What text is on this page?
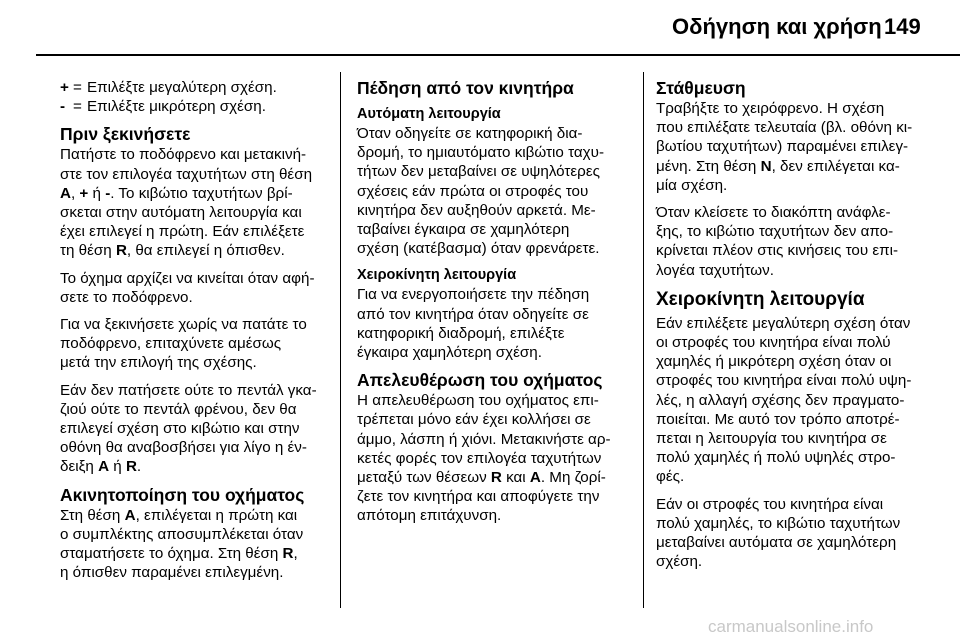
Οδήγηση και χρήση 149
+ = Επιλέξτε μεγαλύτερη σχέση.
- = Επιλέξτε μικρότερη σχέση.
Πριν ξεκινήσετε

Πατήστε το ποδόφρενο και μετακινή-
στε τον επιλογέα ταχυτήτων στη θέση
A, + ή -. Το κιβώτιο ταχυτήτων βρί-
σκεται στην αυτόματη λειτουργία και
έχει επιλεγεί η πρώτη. Εάν επιλέξετε
τη θέση R, θα επιλεγεί η όπισθεν.

Το όχημα αρχίζει να κινείται όταν αφή-
σετε το ποδόφρενο.

Για να ξεκινήσετε χωρίς να πατάτε το
ποδόφρενο, επιταχύνετε αμέσως
μετά την επιλογή της σχέσης.

Εάν δεν πατήσετε ούτε το πεντάλ γκα-
ζιού ούτε το πεντάλ φρένου, δεν θα
επιλεγεί σχέση στο κιβώτιο και στην
οθόνη θα αναβοσβήσει για λίγο η έν-
δειξη A ή R.

Ακινητοποίηση του οχήματος

Στη θέση A, επιλέγεται η πρώτη και
ο συμπλέκτης αποσυμπλέκεται όταν
σταματήσετε το όχημα. Στη θέση R,
η όπισθεν παραμένει επιλεγμένη.

Πέδηση από τον κινητήρα
Αυτόματη λειτουργία

Όταν οδηγείτε σε κατηφορική δια-
δρομή, το ημιαυτόματο κιβώτιο ταχυ-
τήτων δεν μεταβαίνει σε υψηλότερες
σχέσεις εάν πρώτα οι στροφές του
κινητήρα δεν αυξηθούν αρκετά. Με-
ταβαίνει έγκαιρα σε χαμηλότερη
σχέση (κατέβασμα) όταν φρενάρετε.

Χειροκίνητη λειτουργία

Για να ενεργοποιήσετε την πέδηση
από τον κινητήρα όταν οδηγείτε σε
κατηφορική διαδρομή, επιλέξτε
έγκαιρα χαμηλότερη σχέση.

Απελευθέρωση του οχήματος

Η απελευθέρωση του οχήματος επι-
τρέπεται μόνο εάν έχει κολλήσει σε
άμμο, λάσπη ή χιόνι. Μετακινήστε αρ-
κετές φορές τον επιλογέα ταχυτήτων
μεταξύ των θέσεων R και A. Μη ζορί-
ζετε τον κινητήρα και αποφύγετε την
απότομη επιτάχυνση.

Στάθμευση

Τραβήξτε το χειρόφρενο. Η σχέση
που επιλέξατε τελευταία (βλ. οθόνη κι-
βωτίου ταχυτήτων) παραμένει επιλεγ-
μένη. Στη θέση N, δεν επιλέγεται κα-
μία σχέση.

Όταν κλείσετε το διακόπτη ανάφλε-
ξης, το κιβώτιο ταχυτήτων δεν απο-
κρίνεται πλέον στις κινήσεις του επι-
λογέα ταχυτήτων.

Χειροκίνητη λειτουργία

Εάν επιλέξετε μεγαλύτερη σχέση όταν
οι στροφές του κινητήρα είναι πολύ
χαμηλές ή μικρότερη σχέση όταν οι
στροφές του κινητήρα είναι πολύ υψη-
λές, η αλλαγή σχέσης δεν πραγματο-
ποιείται. Με αυτό τον τρόπο αποτρέ-
πεται η λειτουργία του κινητήρα σε
πολύ χαμηλές ή πολύ υψηλές στρο-
φές.

Εάν οι στροφές του κινητήρα είναι
πολύ χαμηλές, το κιβώτιο ταχυτήτων
μεταβαίνει αυτόματα σε χαμηλότερη
σχέση.

carmanualsonline.info
